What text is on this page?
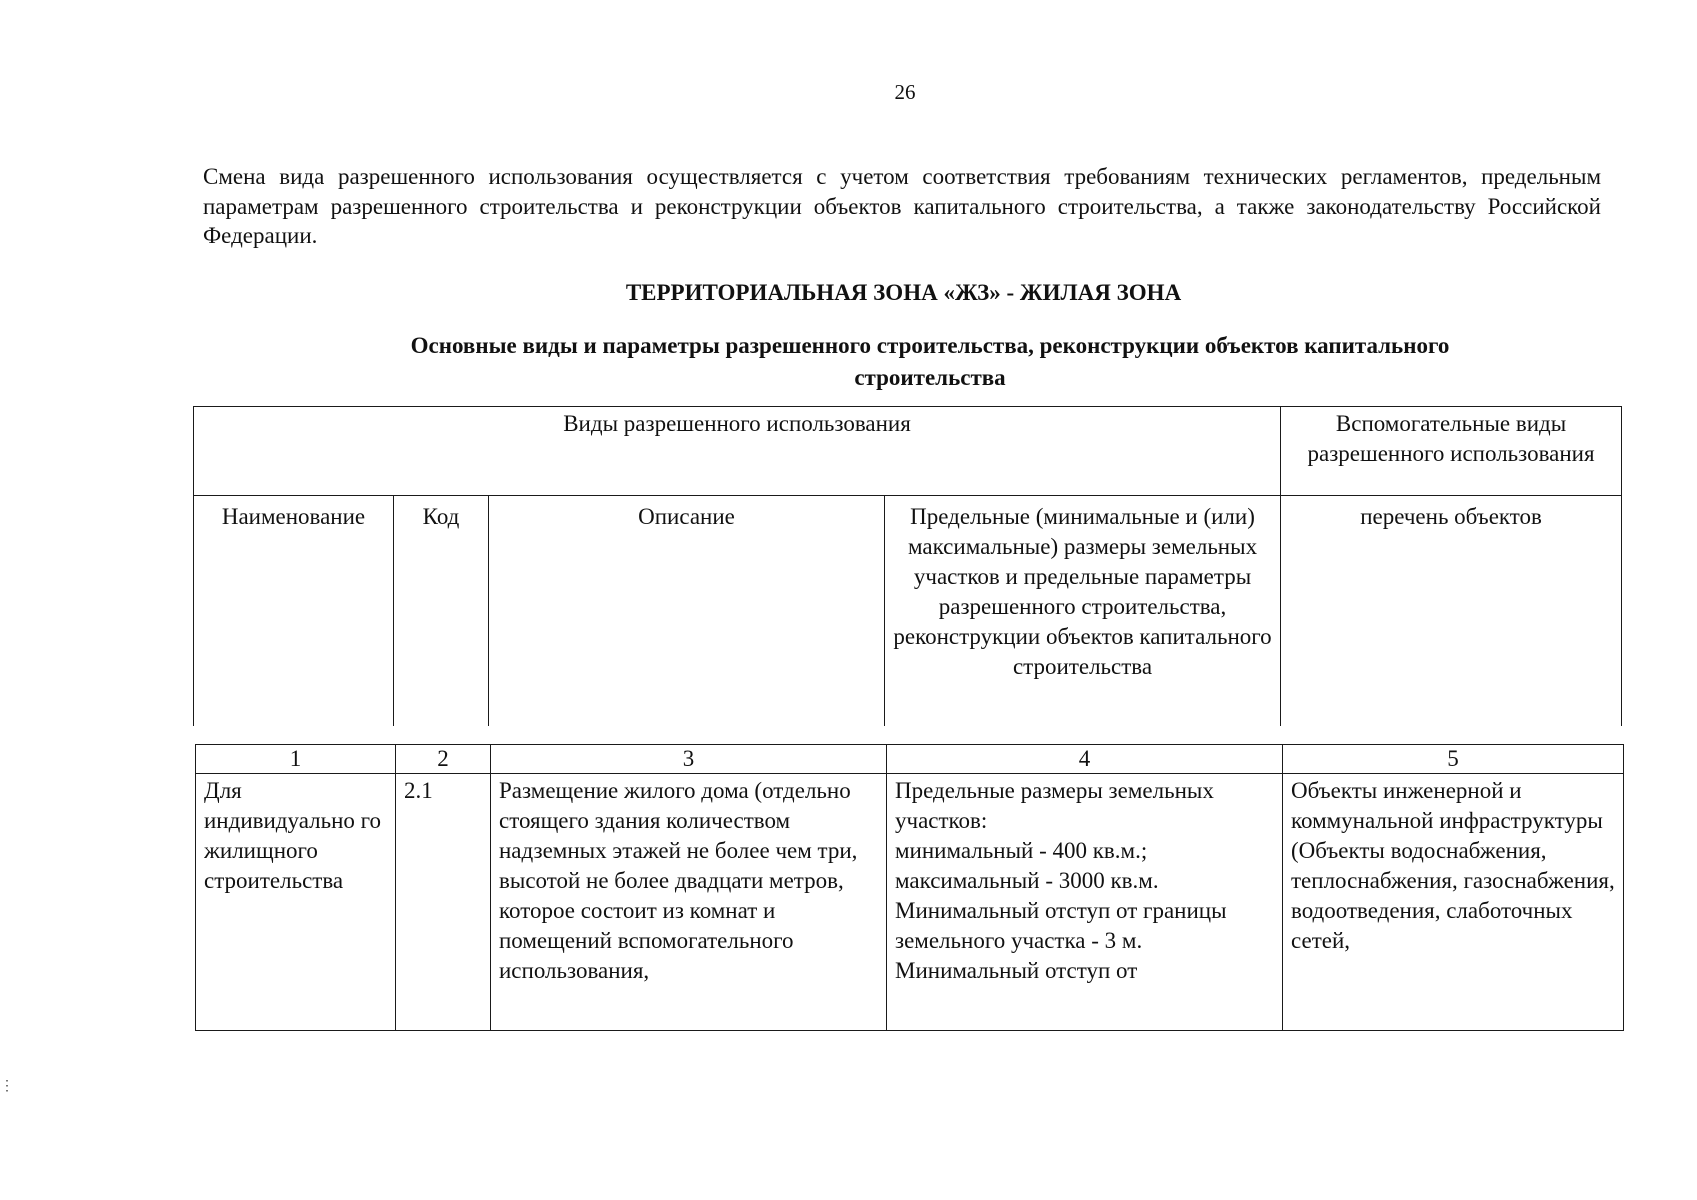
26
Смена вида разрешенного использования осуществляется с учетом соответствия требованиям технических регламентов, предельным параметрам разрешенного строительства и реконструкции объектов капитального строительства, а также законодательству Российской Федерации.
ТЕРРИТОРИАЛЬНАЯ ЗОНА «ЖЗ» - ЖИЛАЯ ЗОНА
Основные виды и параметры разрешенного строительства, реконструкции объектов капитального
строительства
Виды разрешенного использования				Вспомогательные виды разрешенного использования
Наименование	Код	Описание	Предельные (минимальные и (или) максимальные) размеры земельных участков и предельные параметры разрешенного строительства, реконструкции объектов капитального строительства	перечень объектов
1	2	3	4	5

Для индивидуально го жилищного строительства	2.1	Размещение жилого дома (отдельно стоящего здания количеством надземных этажей не более чем три, высотой не более двадцати метров, которое состоит из комнат и помещений вспомогательного использования,	Предельные размеры земельных участков:
минимальный - 400 кв.м.;
максимальный - 3000 кв.м.
Минимальный отступ от границы земельного участка - 3 м.
Минимальный отступ от	Объекты инженерной и коммунальной инфраструктуры (Объекты водоснабжения, теплоснабжения, газоснабжения, водоотведения, слаботочных сетей,
⋮
